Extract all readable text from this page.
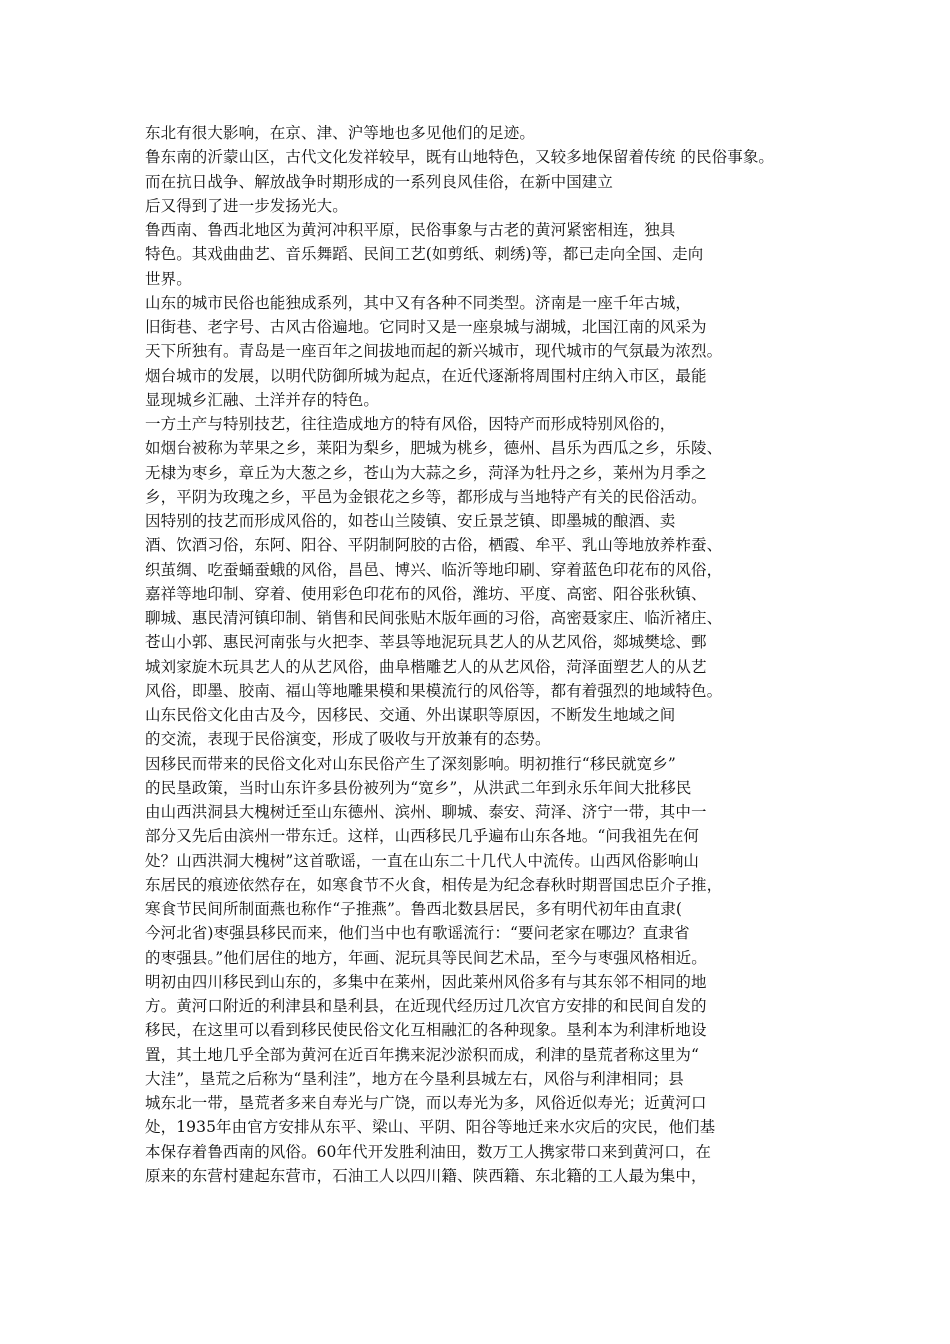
东北有很大影响，在京、津、沪等地也多见他们的足迹。
鲁东南的沂蒙山区，古代文化发祥较早，既有山地特色，又较多地保留着传统 的民俗事象。
而在抗日战争、解放战争时期形成的一系列良风佳俗，在新中国建立
后又得到了进一步发扬光大。
鲁西南、鲁西北地区为黄河冲积平原，民俗事象与古老的黄河紧密相连，独具
特色。其戏曲曲艺、音乐舞蹈、民间工艺(如剪纸、刺绣)等，都已走向全国、走向
世界。
山东的城市民俗也能独成系列，其中又有各种不同类型。济南是一座千年古城，
旧街巷、老字号、古风古俗遍地。它同时又是一座泉城与湖城，北国江南的风采为
天下所独有。青岛是一座百年之间拔地而起的新兴城市，现代城市的气氛最为浓烈。
烟台城市的发展，以明代防御所城为起点，在近代逐渐将周围村庄纳入市区，最能
显现城乡汇融、土洋并存的特色。
一方土产与特别技艺，往往造成地方的特有风俗，因特产而形成特别风俗的，
如烟台被称为苹果之乡，莱阳为梨乡，肥城为桃乡，德州、昌乐为西瓜之乡，乐陵、
无棣为枣乡，章丘为大葱之乡，苍山为大蒜之乡，菏泽为牡丹之乡，莱州为月季之
乡，平阴为玫瑰之乡，平邑为金银花之乡等，都形成与当地特产有关的民俗活动。
因特别的技艺而形成风俗的，如苍山兰陵镇、安丘景芝镇、即墨城的酿酒、卖
酒、饮酒习俗，东阿、阳谷、平阴制阿胶的古俗，栖霞、牟平、乳山等地放养柞蚕、
织茧绸、吃蚕蛹蚕蛾的风俗，昌邑、博兴、临沂等地印刷、穿着蓝色印花布的风俗，
嘉祥等地印制、穿着、使用彩色印花布的风俗，潍坊、平度、高密、阳谷张秋镇、
聊城、惠民清河镇印制、销售和民间张贴木版年画的习俗，高密聂家庄、临沂褚庄、
苍山小郭、惠民河南张与火把李、莘县等地泥玩具艺人的从艺风俗，郯城樊埝、鄄
城刘家旋木玩具艺人的从艺风俗，曲阜楷雕艺人的从艺风俗，菏泽面塑艺人的从艺
风俗，即墨、胶南、福山等地雕果模和果模流行的风俗等，都有着强烈的地域特色。
山东民俗文化由古及今，因移民、交通、外出谋职等原因，不断发生地域之间
的交流，表现于民俗演变，形成了吸收与开放兼有的态势。
因移民而带来的民俗文化对山东民俗产生了深刻影响。明初推行“移民就宽乡”
的民垦政策，当时山东许多县份被列为“宽乡”，从洪武二年到永乐年间大批移民
由山西洪洞县大槐树迁至山东德州、滨州、聊城、泰安、菏泽、济宁一带，其中一
部分又先后由滨州一带东迁。这样，山西移民几乎遍布山东各地。“问我祖先在何
处？山西洪洞大槐树”这首歌谣，一直在山东二十几代人中流传。山西风俗影响山
东居民的痕迹依然存在，如寒食节不火食，相传是为纪念春秋时期晋国忠臣介子推，
寒食节民间所制面燕也称作“子推燕”。鲁西北数县居民，多有明代初年由直隶(
今河北省)枣强县移民而来，他们当中也有歌谣流行：“要问老家在哪边？直隶省
的枣强县。”他们居住的地方，年画、泥玩具等民间艺术品，至今与枣强风格相近。
明初由四川移民到山东的，多集中在莱州，因此莱州风俗多有与其东邻不相同的地
方。黄河口附近的利津县和垦利县，在近现代经历过几次官方安排的和民间自发的
移民，在这里可以看到移民使民俗文化互相融汇的各种现象。垦利本为利津析地设
置，其土地几乎全部为黄河在近百年携来泥沙淤积而成，利津的垦荒者称这里为“
大洼”，垦荒之后称为“垦利洼”，地方在今垦利县城左右，风俗与利津相同；县
城东北一带，垦荒者多来自寿光与广饶，而以寿光为多，风俗近似寿光；近黄河口
处，1935年由官方安排从东平、梁山、平阴、阳谷等地迁来水灾后的灾民，他们基
本保存着鲁西南的风俗。60年代开发胜利油田，数万工人携家带口来到黄河口，在
原来的东营村建起东营市，石油工人以四川籍、陕西籍、东北籍的工人最为集中，
